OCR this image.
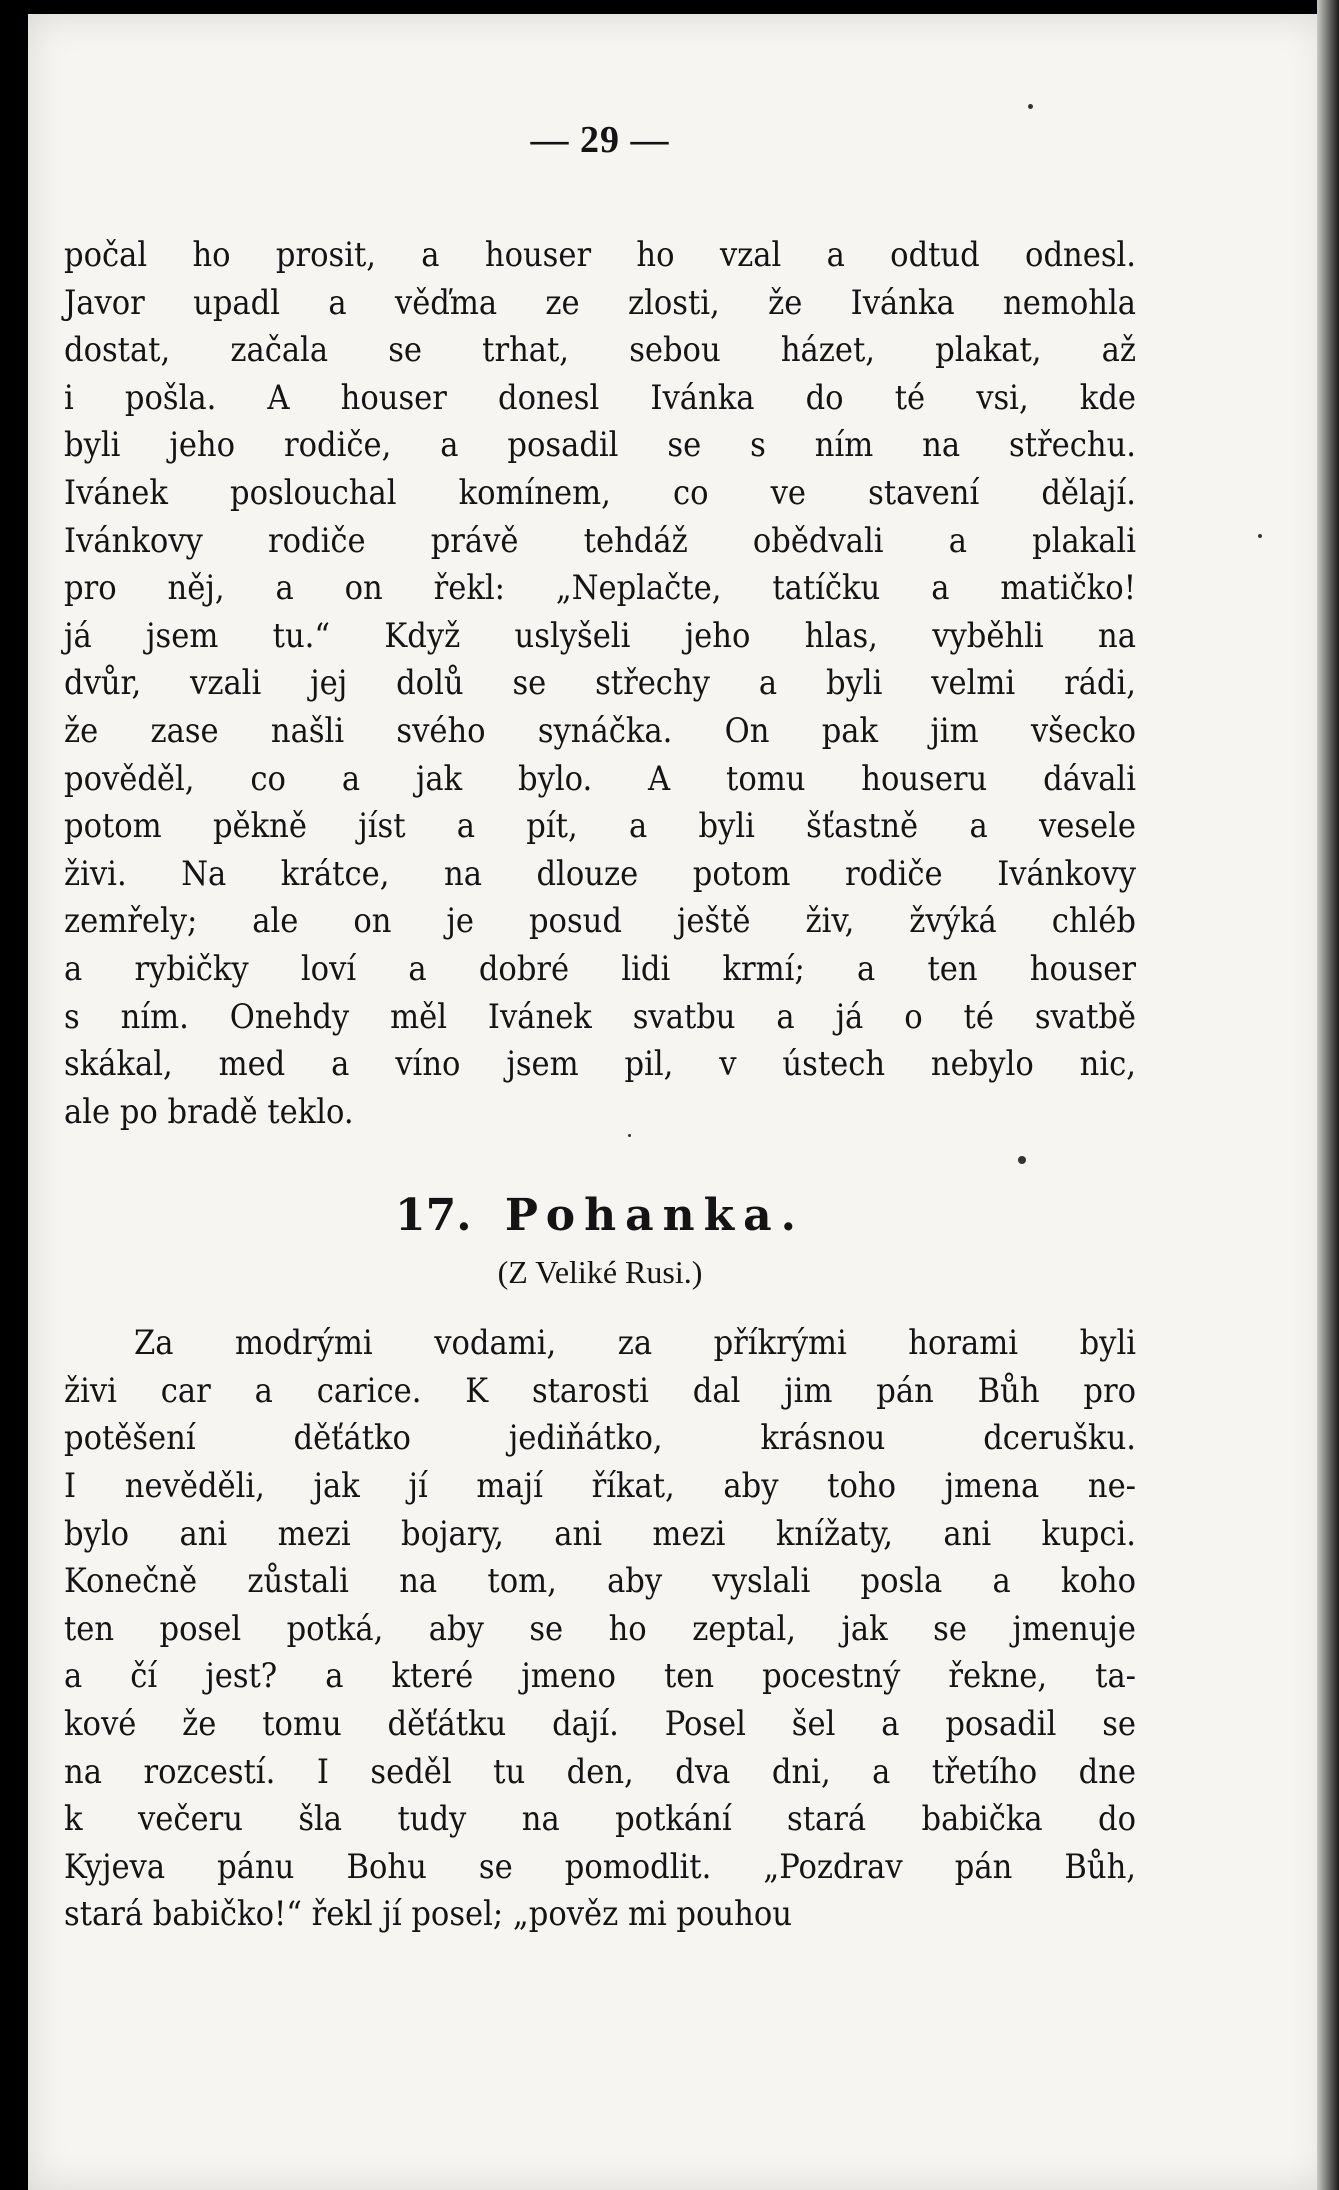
— 29 —
počal ho prosit, a houser ho vzal a odtud odnesl.
Javor upadl a věďma ze zlosti, že Ivánka nemohla
dostat, začala se trhat, sebou házet, plakat, až
i pošla. A houser donesl Ivánka do té vsi, kde
byli jeho rodiče, a posadil se s ním na střechu.
Ivánek poslouchal komínem, co ve stavení dělají.
Ivánkovy rodiče právě tehdáž obědvali a plakali
pro něj, a on řekl: „Neplačte, tatíčku a matičko!
já jsem tu.“ Když uslyšeli jeho hlas, vyběhli na
dvůr, vzali jej dolů se střechy a byli velmi rádi,
že zase našli svého synáčka. On pak jim všecko
pověděl, co a jak bylo. A tomu houseru dávali
potom pěkně jíst a pít, a byli šťastně a vesele
živi. Na krátce, na dlouze potom rodiče Ivánkovy
zemřely; ale on je posud ještě živ, žvýká chléb
a rybičky loví a dobré lidi krmí; a ten houser
s ním. Onehdy měl Ivánek svatbu a já o té svatbě
skákal, med a víno jsem pil, v ústech nebylo nic,
ale po bradě teklo.
17. Pohanka.
(Z Veliké Rusi.)
Za modrými vodami, za příkrými horami byli
živi car a carice. K starosti dal jim pán Bůh pro
potěšení děťátko jediňátko, krásnou dcerušku.
I nevěděli, jak jí mají říkat, aby toho jmena ne-
bylo ani mezi bojary, ani mezi knížaty, ani kupci.
Konečně zůstali na tom, aby vyslali posla a koho
ten posel potká, aby se ho zeptal, jak se jmenuje
a čí jest? a které jmeno ten pocestný řekne, ta-
kové že tomu děťátku dají. Posel šel a posadil se
na rozcestí. I seděl tu den, dva dni, a třetího dne
k večeru šla tudy na potkání stará babička do
Kyjeva pánu Bohu se pomodlit. „Pozdrav pán Bůh,
stará babičko!“ řekl jí posel; „pověz mi pouhou
